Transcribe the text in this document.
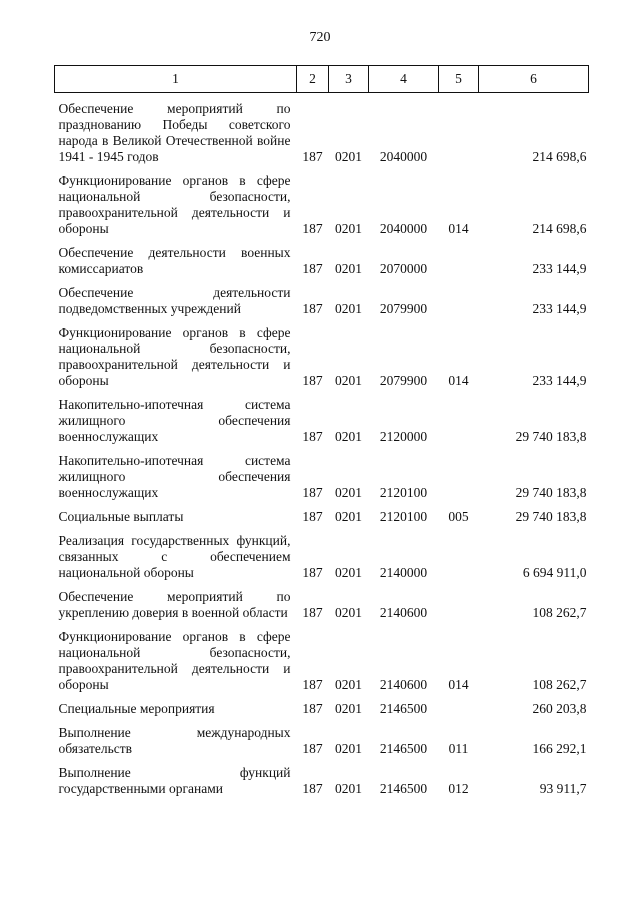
720
1	2	3	4	5	6
Обеспечение мероприятий по празднованию Победы советского народа в Великой Отечественной войне 1941 - 1945 годов	187	0201	2040000		214 698,6
Функционирование органов в сфере национальной безопасности, правоохранительной деятельности и обороны	187	0201	2040000	014	214 698,6
Обеспечение деятельности военных комиссариатов	187	0201	2070000		233 144,9
Обеспечение деятельности подведомственных учреждений	187	0201	2079900		233 144,9
Функционирование органов в сфере национальной безопасности, правоохранительной деятельности и обороны	187	0201	2079900	014	233 144,9
Накопительно-ипотечная система жилищного обеспечения военнослужащих	187	0201	2120000		29 740 183,8
Накопительно-ипотечная система жилищного обеспечения военнослужащих	187	0201	2120100		29 740 183,8
Социальные выплаты	187	0201	2120100	005	29 740 183,8
Реализация государственных функций, связанных с обеспечением национальной обороны	187	0201	2140000		6 694 911,0
Обеспечение мероприятий по укреплению доверия в военной области	187	0201	2140600		108 262,7
Функционирование органов в сфере национальной безопасности, правоохранительной деятельности и обороны	187	0201	2140600	014	108 262,7
Специальные мероприятия	187	0201	2146500		260 203,8
Выполнение международных обязательств	187	0201	2146500	011	166 292,1
Выполнение функций государственными органами	187	0201	2146500	012	93 911,7
